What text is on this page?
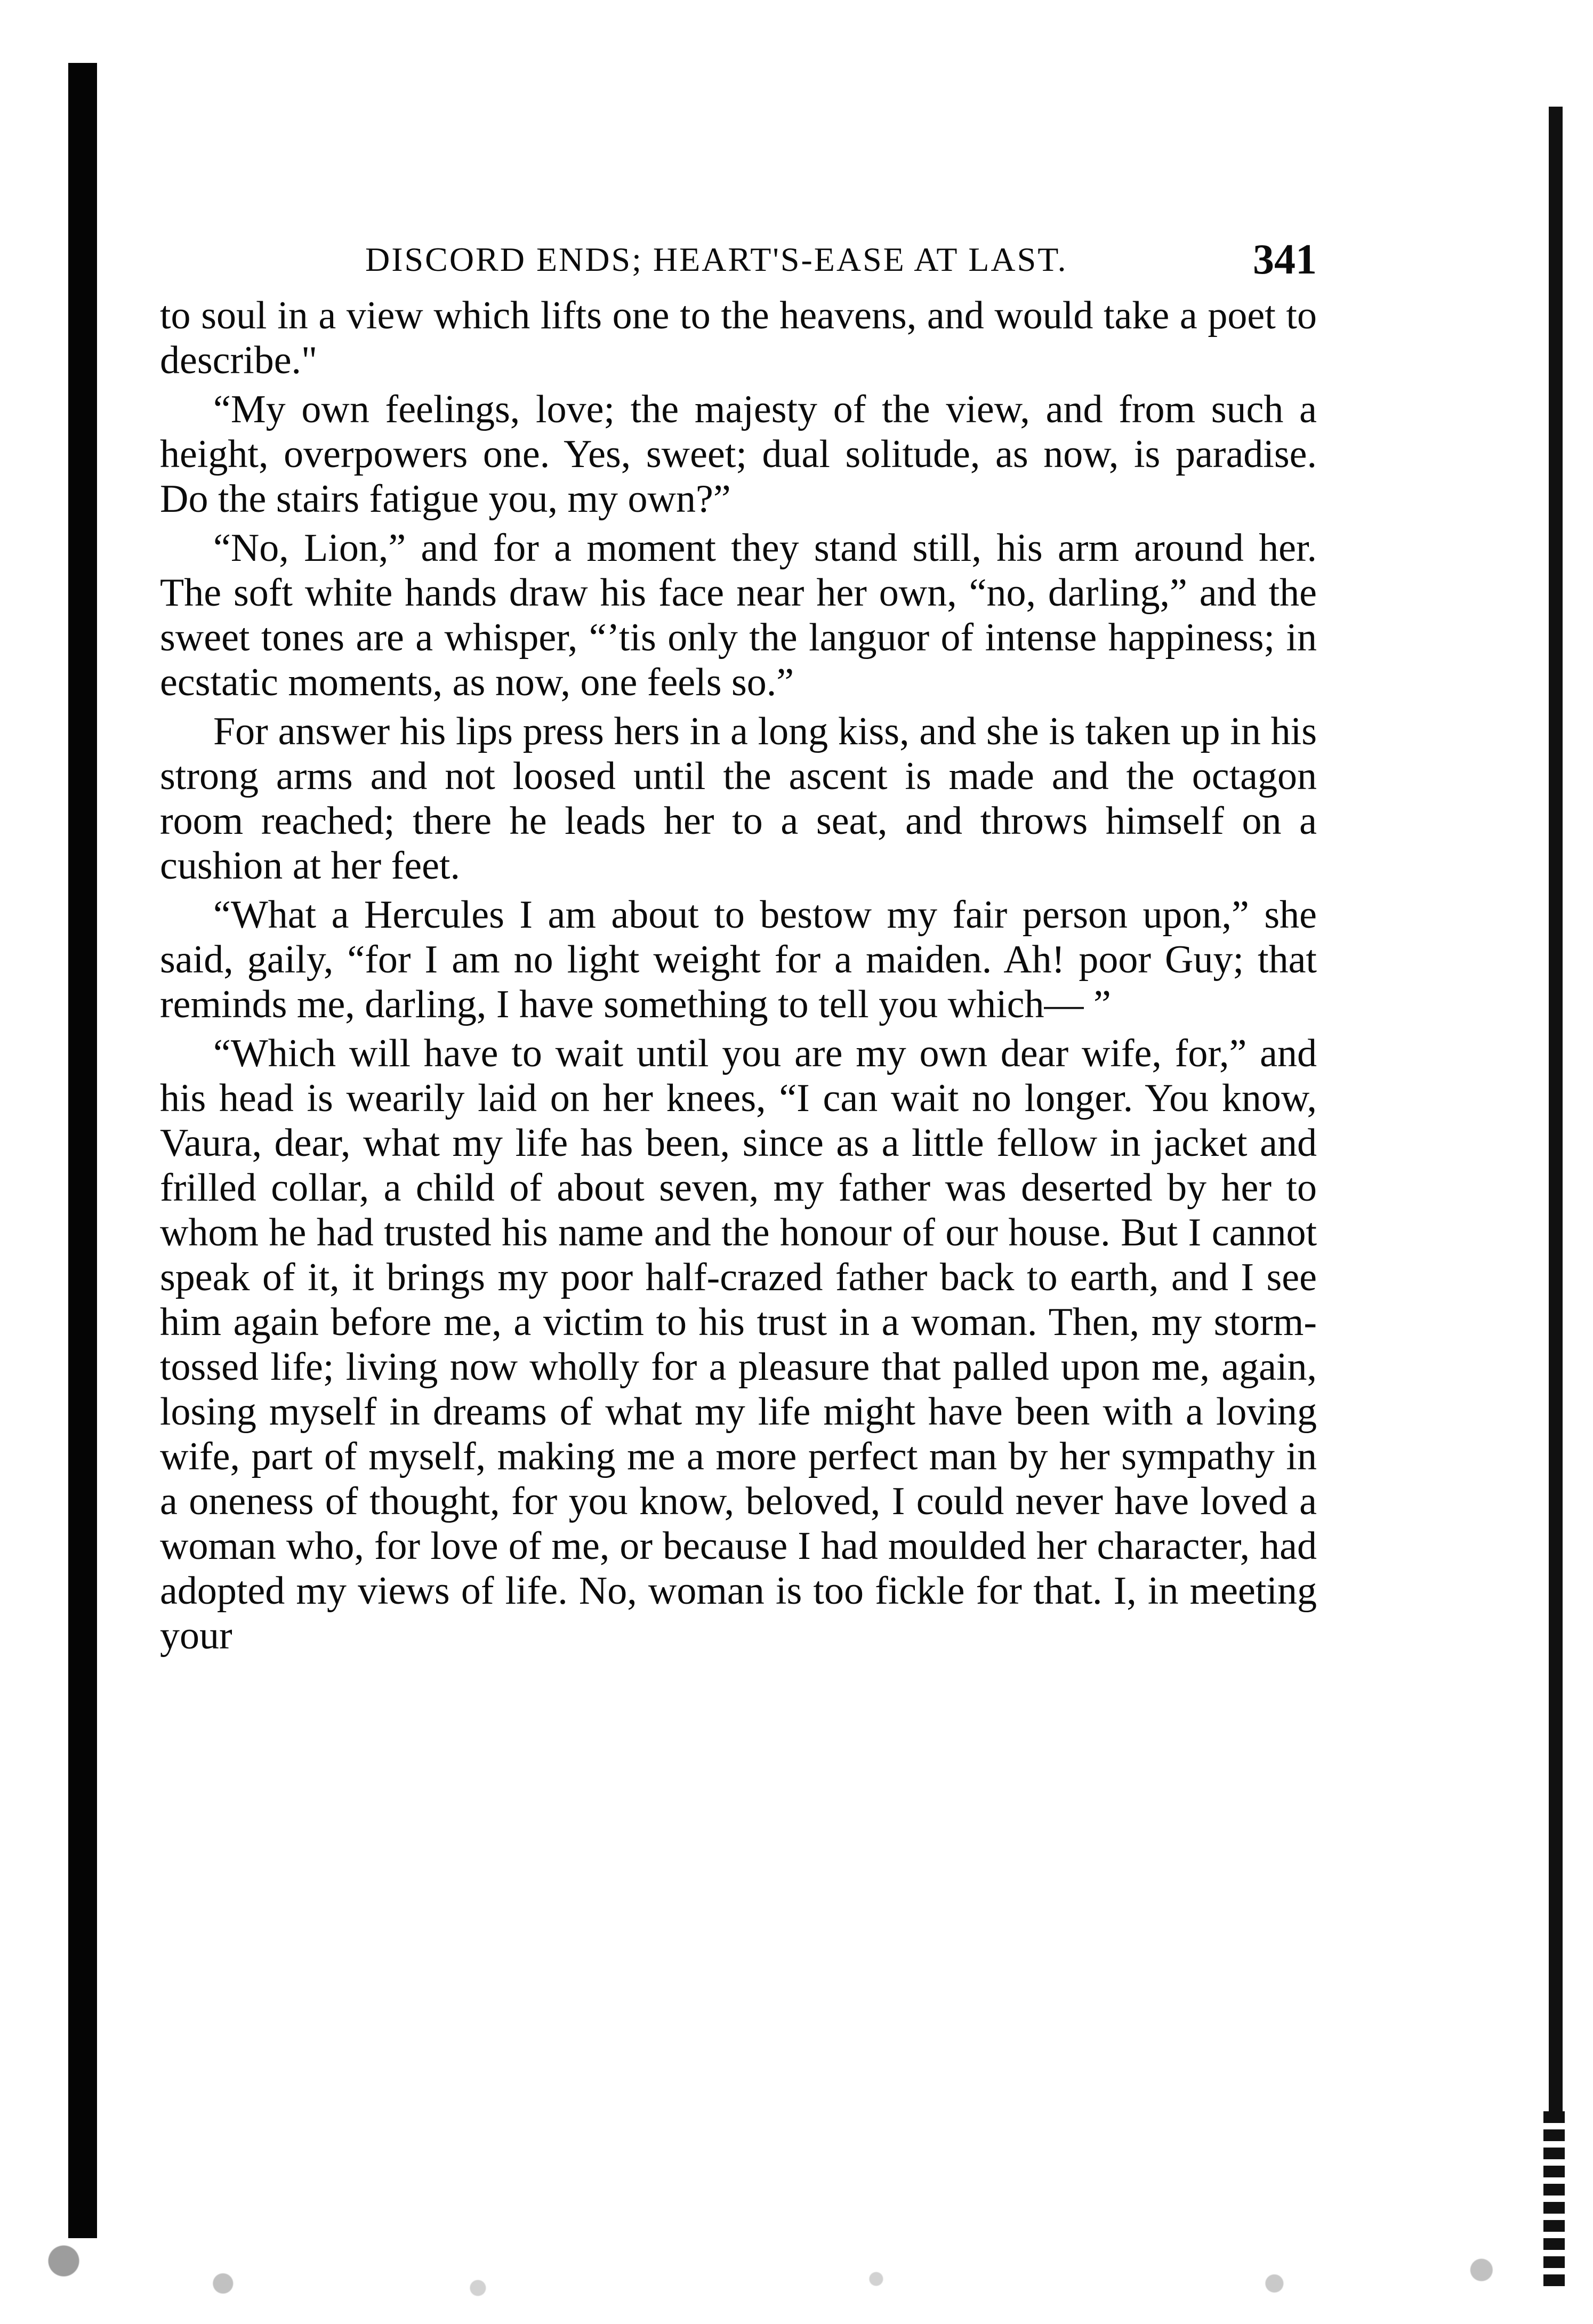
DISCORD ENDS; HEART'S-EASE AT LAST.	341

to soul in a view which lifts one to the heavens, and would take a poet to describe."

“My own feelings, love; the majesty of the view, and from such a height, overpowers one. Yes, sweet; dual solitude, as now, is paradise. Do the stairs fatigue you, my own?”

“No, Lion,” and for a moment they stand still, his arm around her. The soft white hands draw his face near her own, “no, darling,” and the sweet tones are a whisper, “’tis only the languor of intense happiness; in ecstatic moments, as now, one feels so.”

For answer his lips press hers in a long kiss, and she is taken up in his strong arms and not loosed until the ascent is made and the octagon room reached; there he leads her to a seat, and throws himself on a cushion at her feet.

“What a Hercules I am about to bestow my fair person upon,” she said, gaily, “for I am no light weight for a maiden. Ah! poor Guy; that reminds me, darling, I have something to tell you which— ”

“Which will have to wait until you are my own dear wife, for,” and his head is wearily laid on her knees, “I can wait no longer. You know, Vaura, dear, what my life has been, since as a little fellow in jacket and frilled collar, a child of about seven, my father was deserted by her to whom he had trusted his name and the honour of our house. But I cannot speak of it, it brings my poor half-crazed father back to earth, and I see him again before me, a victim to his trust in a woman. Then, my storm-tossed life; living now wholly for a pleasure that palled upon me, again, losing myself in dreams of what my life might have been with a loving wife, part of myself, making me a more perfect man by her sympathy in a oneness of thought, for you know, beloved, I could never have loved a woman who, for love of me, or because I had moulded her character, had adopted my views of life. No, woman is too fickle for that. I, in meeting your
